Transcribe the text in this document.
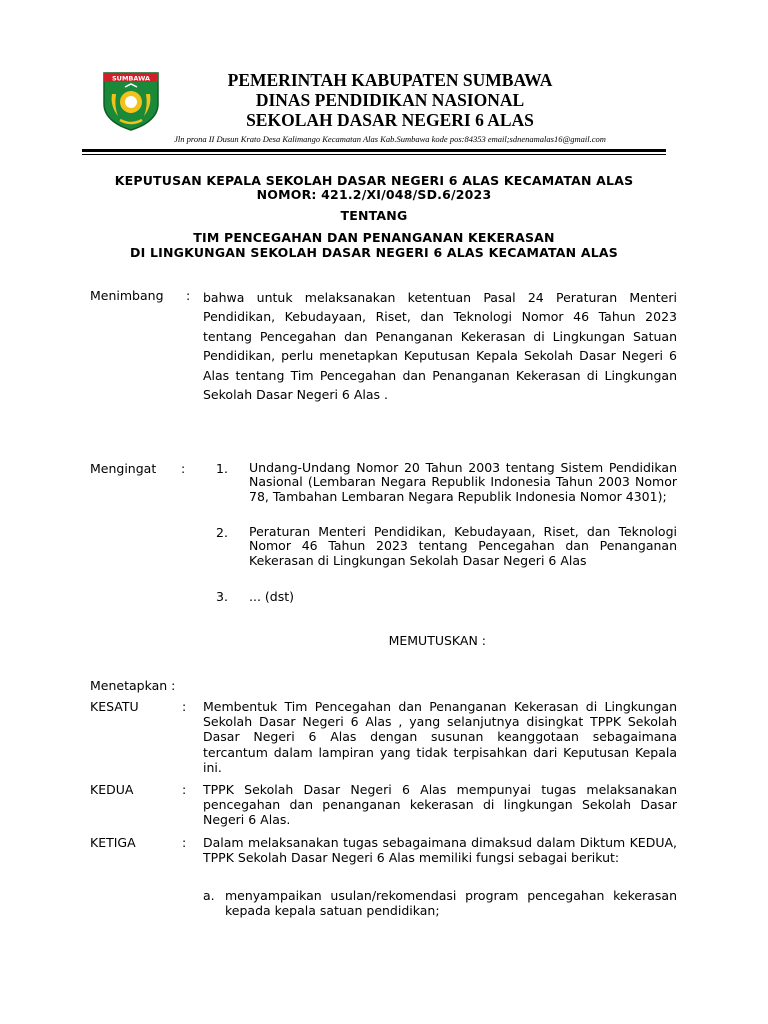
SUMBAWA	PEMERINTAH KABUPATEN SUMBAWA
DINAS PENDIDIKAN NASIONAL
SEKOLAH DASAR NEGERI 6 ALAS
Jln prona II Dusun Krato Desa Kalimango Kecamatan Alas Kab.Sumbawa kode pos:84353 email;sdnenamalas16@gmail.com
KEPUTUSAN KEPALA SEKOLAH DASAR NEGERI 6 ALAS KECAMATAN ALAS
NOMOR: 421.2/XI/048/SD.6/2023
TENTANG
TIM PENCEGAHAN DAN PENANGANAN KEKERASAN
DI LINGKUNGAN SEKOLAH DASAR NEGERI 6 ALAS KECAMATAN ALAS
Menimbang : bahwa untuk melaksanakan ketentuan Pasal 24 Peraturan Menteri Pendidikan, Kebudayaan, Riset, dan Teknologi Nomor 46 Tahun 2023 tentang Pencegahan dan Penanganan Kekerasan di Lingkungan Satuan Pendidikan, perlu menetapkan Keputusan Kepala Sekolah Dasar Negeri 6 Alas tentang Tim Pencegahan dan Penanganan Kekerasan di Lingkungan Sekolah Dasar Negeri 6 Alas .
Mengingat : 1. Undang-Undang Nomor 20 Tahun 2003 tentang Sistem Pendidikan Nasional (Lembaran Negara Republik Indonesia Tahun 2003 Nomor 78, Tambahan Lembaran Negara Republik Indonesia Nomor 4301);
2. Peraturan Menteri Pendidikan, Kebudayaan, Riset, dan Teknologi Nomor 46 Tahun 2023 tentang Pencegahan dan Penanganan Kekerasan di Lingkungan Sekolah Dasar Negeri 6 Alas
3. ... (dst)
MEMUTUSKAN :
Menetapkan :
KESATU	: Membentuk Tim Pencegahan dan Penanganan Kekerasan di Lingkungan Sekolah Dasar Negeri 6 Alas , yang selanjutnya disingkat TPPK Sekolah Dasar Negeri 6 Alas dengan susunan keanggotaan sebagaimana tercantum dalam lampiran yang tidak terpisahkan dari Keputusan Kepala ini.
KEDUA	: TPPK Sekolah Dasar Negeri 6 Alas mempunyai tugas melaksanakan pencegahan dan penanganan kekerasan di lingkungan Sekolah Dasar Negeri 6 Alas.
KETIGA	: Dalam melaksanakan tugas sebagaimana dimaksud dalam Diktum KEDUA, TPPK Sekolah Dasar Negeri 6 Alas memiliki fungsi sebagai berikut:
a. menyampaikan usulan/rekomendasi program pencegahan kekerasan kepada kepala satuan pendidikan;
